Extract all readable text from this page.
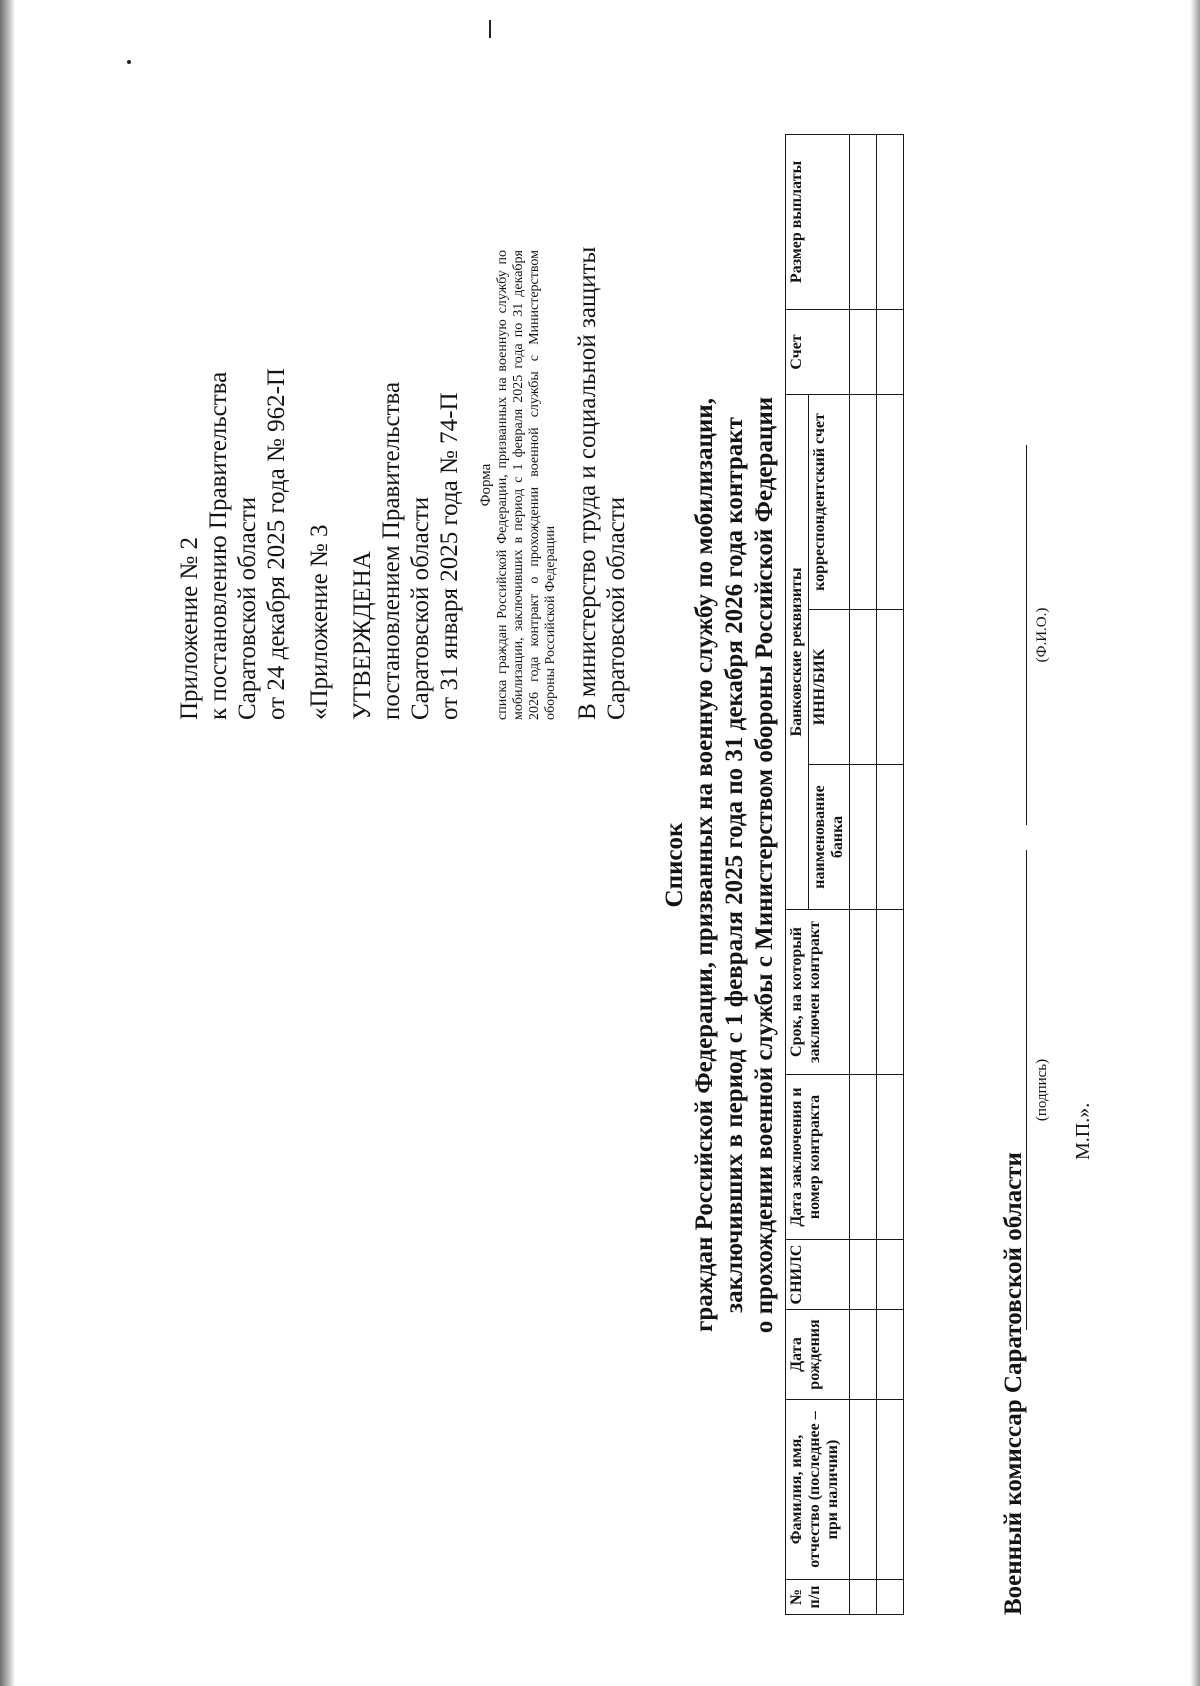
Приложение № 2 к постановлению Правительства Саратовской области от 24 декабря 2025 года № 962-П «Приложение № 3 УТВЕРЖДЕНА постановлением Правительства Саратовской области от 31 января 2025 года № 74-П Форма списка граждан Российской Федерации, призванных на военную службу по мобилизации, заключивших в период с 1 февраля 2025 года по 31 декабря 2026 года контракт о прохождении военной службы с Министерством обороны Российской Федерации В министерство труда и социальной защиты Саратовской области

Список граждан Российской Федерации, призванных на военную службу по мобилизации, заключивших в период с 1 февраля 2025 года по 31 декабря 2026 года контракт о прохождении военной службы с Министерством обороны Российской Федерации

№ п/п	Фамилия, имя, отчество (последнее – при наличии)	Дата рождения	СНИЛС	Дата заключения и номер контракта	Срок, на который заключен контракт	Банковские реквизиты			Счет	Размер выплаты
						наименование банка	ИНН/БИК	корреспондентский счет		

Военный комиссар Саратовской области
(подпись)
(Ф.И.О.)
М.П.».
